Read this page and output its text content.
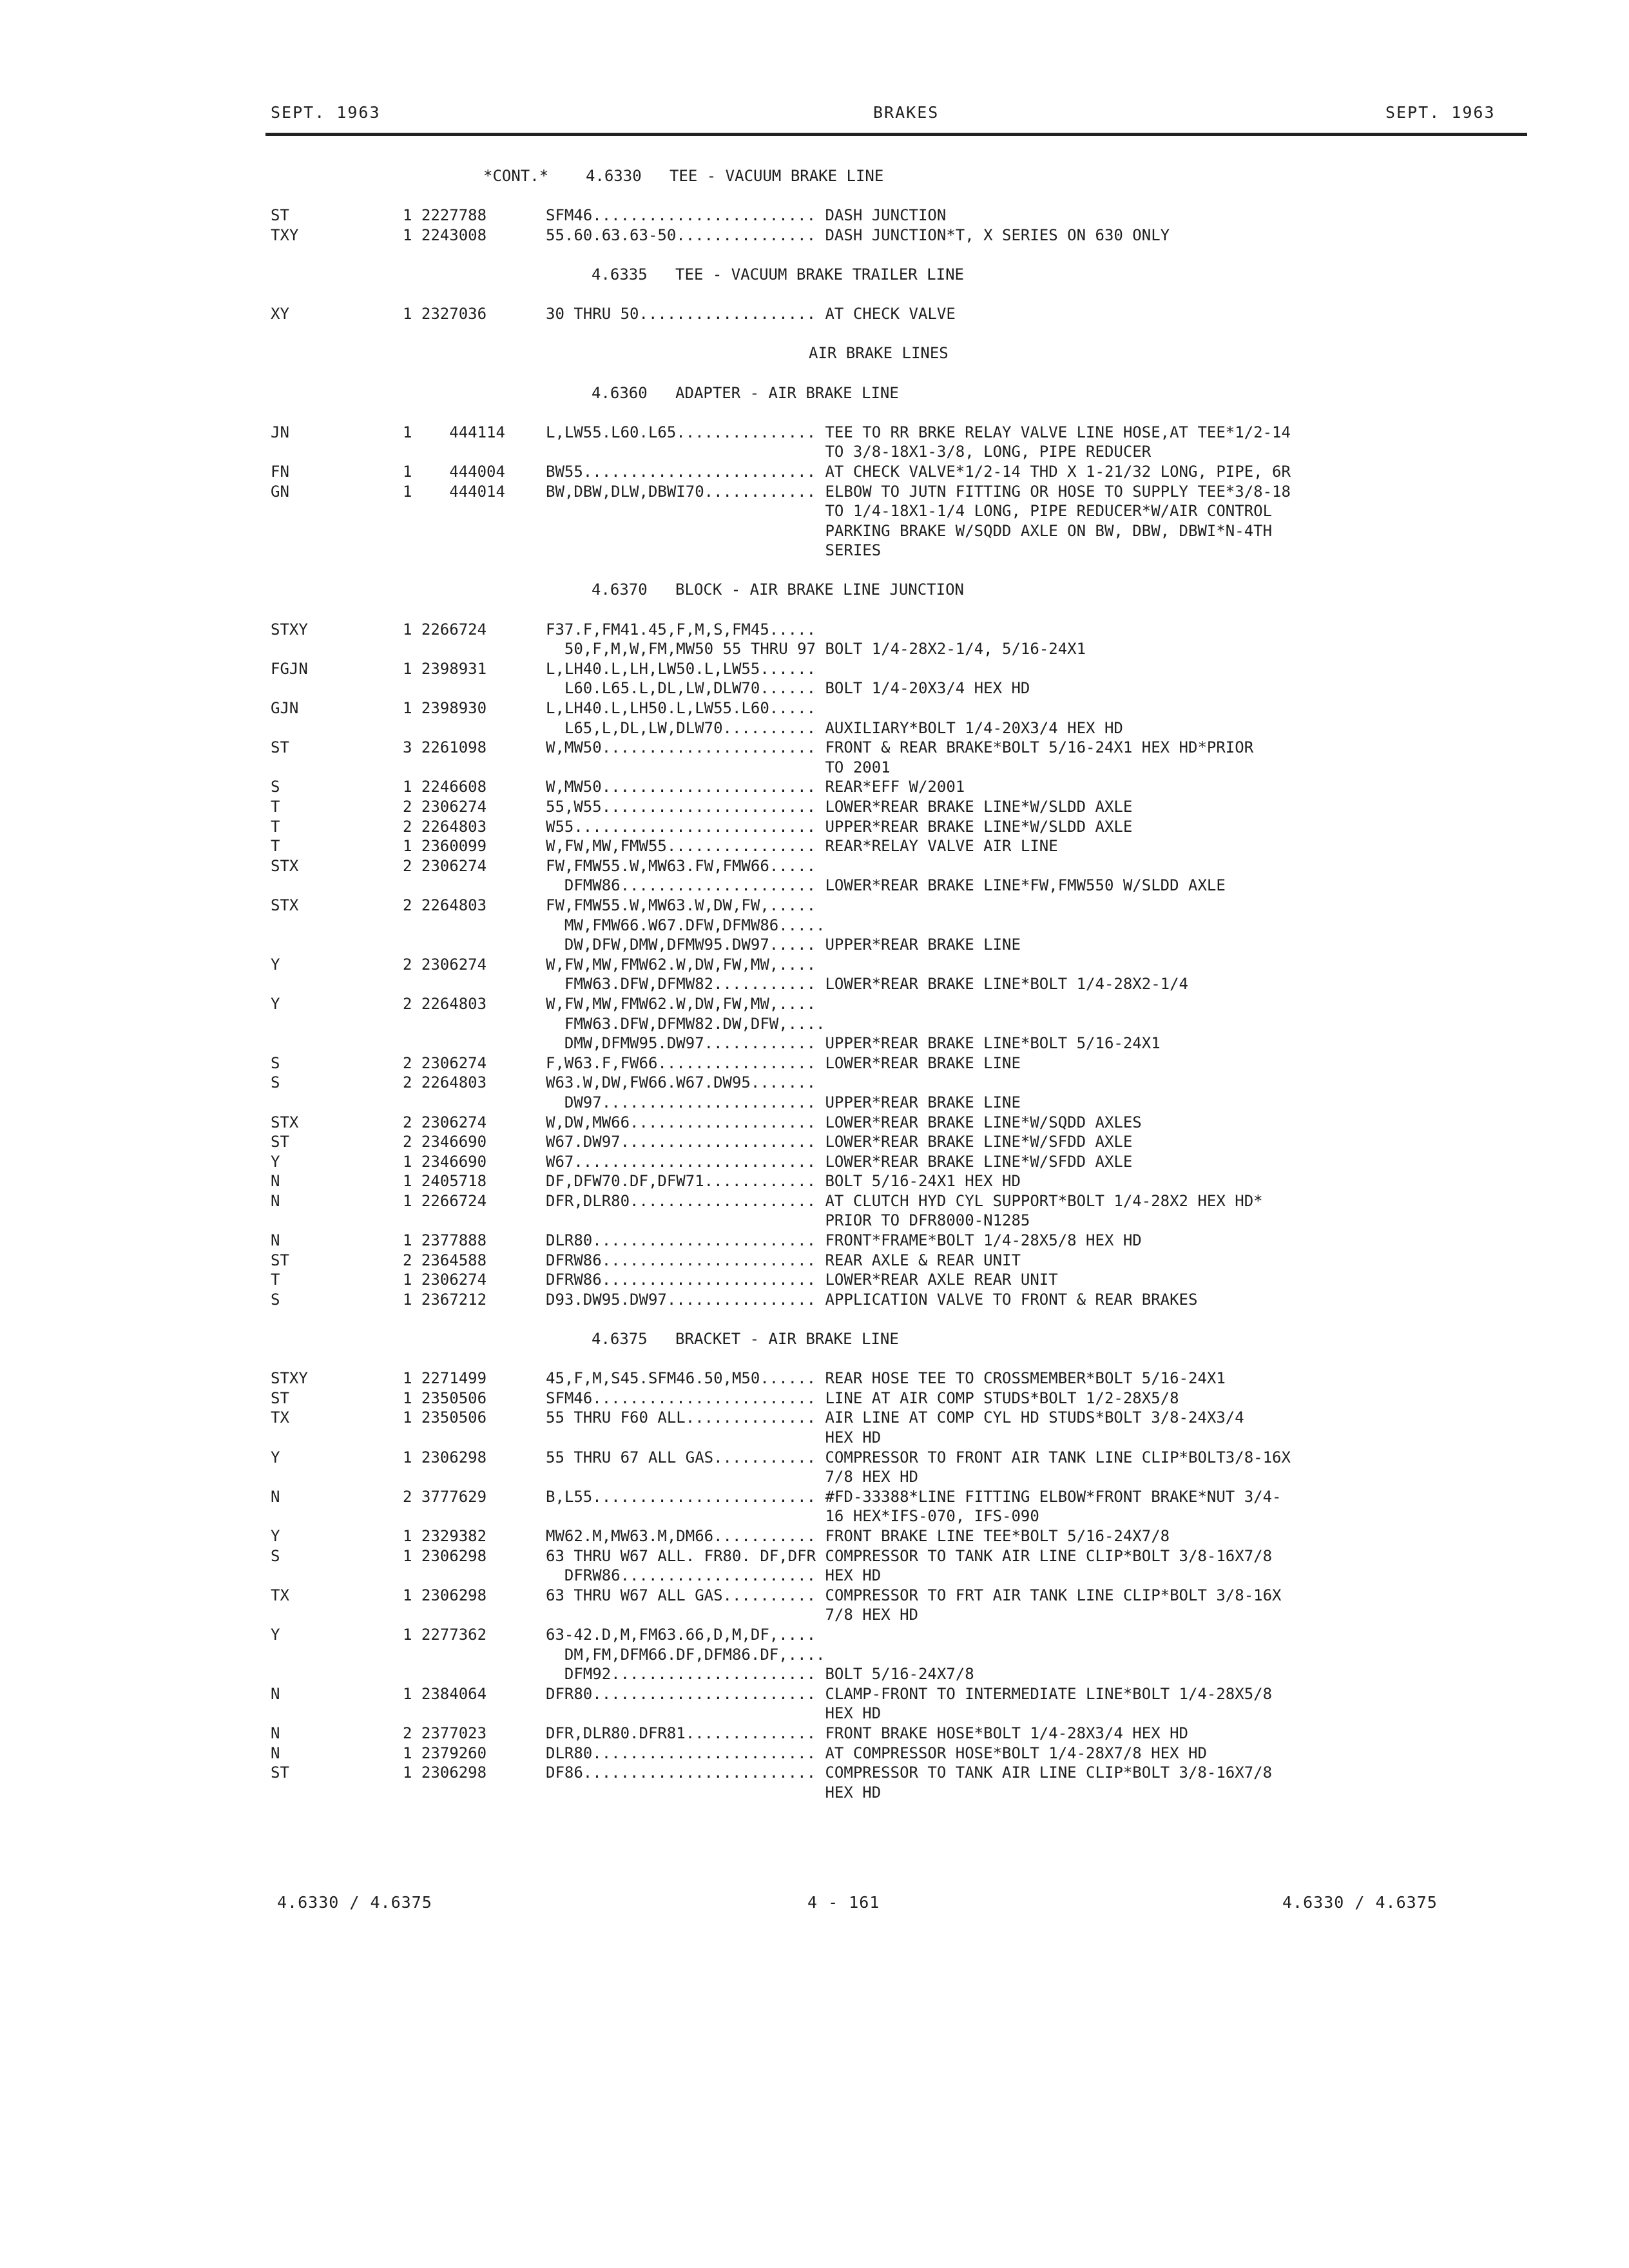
SEPT. 1963	BRAKES	SEPT. 1963
*CONT.*    4.6330   TEE - VACUUM BRAKE LINE
ST	1 2227788	SFM46........................ DASH JUNCTION
TXY	1 2243008	55.60.63.63-50............... DASH JUNCTION*T, X SERIES ON 630 ONLY
4.6335   TEE - VACUUM BRAKE TRAILER LINE
XY	1 2327036	30 THRU 50................... AT CHECK VALVE
AIR BRAKE LINES
4.6360   ADAPTER - AIR BRAKE LINE
JN	1    444114	L,LW55.L60.L65............... TEE TO RR BRKE RELAY VALVE LINE HOSE,AT TEE*1/2-14
TO 3/8-18X1-3/8, LONG, PIPE REDUCER
FN	1    444004	BW55......................... AT CHECK VALVE*1/2-14 THD X 1-21/32 LONG, PIPE, 6R
GN	1    444014	BW,DBW,DLW,DBWI70............ ELBOW TO JUTN FITTING OR HOSE TO SUPPLY TEE*3/8-18
TO 1/4-18X1-1/4 LONG, PIPE REDUCER*W/AIR CONTROL
PARKING BRAKE W/SQDD AXLE ON BW, DBW, DBWI*N-4TH
SERIES
4.6370   BLOCK - AIR BRAKE LINE JUNCTION
STXY	1 2266724	F37.F,FM41.45,F,M,S,FM45.....
50,F,M,W,FM,MW50 55 THRU 97 BOLT 1/4-28X2-1/4, 5/16-24X1
FGJN	1 2398931	L,LH40.L,LH,LW50.L,LW55......
L60.L65.L,DL,LW,DLW70...... BOLT 1/4-20X3/4 HEX HD
GJN	1 2398930	L,LH40.L,LH50.L,LW55.L60.....
L65,L,DL,LW,DLW70.......... AUXILIARY*BOLT 1/4-20X3/4 HEX HD
ST	3 2261098	W,MW50....................... FRONT & REAR BRAKE*BOLT 5/16-24X1 HEX HD*PRIOR
TO 2001
S	1 2246608	W,MW50....................... REAR*EFF W/2001
T	2 2306274	55,W55....................... LOWER*REAR BRAKE LINE*W/SLDD AXLE
T	2 2264803	W55.......................... UPPER*REAR BRAKE LINE*W/SLDD AXLE
T	1 2360099	W,FW,MW,FMW55................ REAR*RELAY VALVE AIR LINE
STX	2 2306274	FW,FMW55.W,MW63.FW,FMW66.....
DFMW86..................... LOWER*REAR BRAKE LINE*FW,FMW550 W/SLDD AXLE
STX	2 2264803	FW,FMW55.W,MW63.W,DW,FW,.....
MW,FMW66.W67.DFW,DFMW86.....
DW,DFW,DMW,DFMW95.DW97..... UPPER*REAR BRAKE LINE
Y	2 2306274	W,FW,MW,FMW62.W,DW,FW,MW,....
FMW63.DFW,DFMW82........... LOWER*REAR BRAKE LINE*BOLT 1/4-28X2-1/4
Y	2 2264803	W,FW,MW,FMW62.W,DW,FW,MW,....
FMW63.DFW,DFMW82.DW,DFW,....
DMW,DFMW95.DW97............ UPPER*REAR BRAKE LINE*BOLT 5/16-24X1
S	2 2306274	F,W63.F,FW66................. LOWER*REAR BRAKE LINE
S	2 2264803	W63.W,DW,FW66.W67.DW95.......
DW97....................... UPPER*REAR BRAKE LINE
STX	2 2306274	W,DW,MW66.................... LOWER*REAR BRAKE LINE*W/SQDD AXLES
ST	2 2346690	W67.DW97..................... LOWER*REAR BRAKE LINE*W/SFDD AXLE
Y	1 2346690	W67.......................... LOWER*REAR BRAKE LINE*W/SFDD AXLE
N	1 2405718	DF,DFW70.DF,DFW71............ BOLT 5/16-24X1 HEX HD
N	1 2266724	DFR,DLR80.................... AT CLUTCH HYD CYL SUPPORT*BOLT 1/4-28X2 HEX HD*
PRIOR TO DFR8000-N1285
N	1 2377888	DLR80........................ FRONT*FRAME*BOLT 1/4-28X5/8 HEX HD
ST	2 2364588	DFRW86....................... REAR AXLE & REAR UNIT
T	1 2306274	DFRW86....................... LOWER*REAR AXLE REAR UNIT
S	1 2367212	D93.DW95.DW97................ APPLICATION VALVE TO FRONT & REAR BRAKES
4.6375   BRACKET - AIR BRAKE LINE
STXY	1 2271499	45,F,M,S45.SFM46.50,M50...... REAR HOSE TEE TO CROSSMEMBER*BOLT 5/16-24X1
ST	1 2350506	SFM46........................ LINE AT AIR COMP STUDS*BOLT 1/2-28X5/8
TX	1 2350506	55 THRU F60 ALL.............. AIR LINE AT COMP CYL HD STUDS*BOLT 3/8-24X3/4
HEX HD
Y	1 2306298	55 THRU 67 ALL GAS........... COMPRESSOR TO FRONT AIR TANK LINE CLIP*BOLT3/8-16X
7/8 HEX HD
N	2 3777629	B,L55........................ #FD-33388*LINE FITTING ELBOW*FRONT BRAKE*NUT 3/4-
16 HEX*IFS-070, IFS-090
Y	1 2329382	MW62.M,MW63.M,DM66........... FRONT BRAKE LINE TEE*BOLT 5/16-24X7/8
S	1 2306298	63 THRU W67 ALL. FR80. DF,DFR COMPRESSOR TO TANK AIR LINE CLIP*BOLT 3/8-16X7/8
DFRW86..................... HEX HD
TX	1 2306298	63 THRU W67 ALL GAS.......... COMPRESSOR TO FRT AIR TANK LINE CLIP*BOLT 3/8-16X
7/8 HEX HD
Y	1 2277362	63-42.D,M,FM63.66,D,M,DF,....
DM,FM,DFM66.DF,DFM86.DF,....
DFM92...................... BOLT 5/16-24X7/8
N	1 2384064	DFR80........................ CLAMP-FRONT TO INTERMEDIATE LINE*BOLT 1/4-28X5/8
HEX HD
N	2 2377023	DFR,DLR80.DFR81.............. FRONT BRAKE HOSE*BOLT 1/4-28X3/4 HEX HD
N	1 2379260	DLR80........................ AT COMPRESSOR HOSE*BOLT 1/4-28X7/8 HEX HD
ST	1 2306298	DF86......................... COMPRESSOR TO TANK AIR LINE CLIP*BOLT 3/8-16X7/8
HEX HD
4.6330 / 4.6375	4 - 161	4.6330 / 4.6375
